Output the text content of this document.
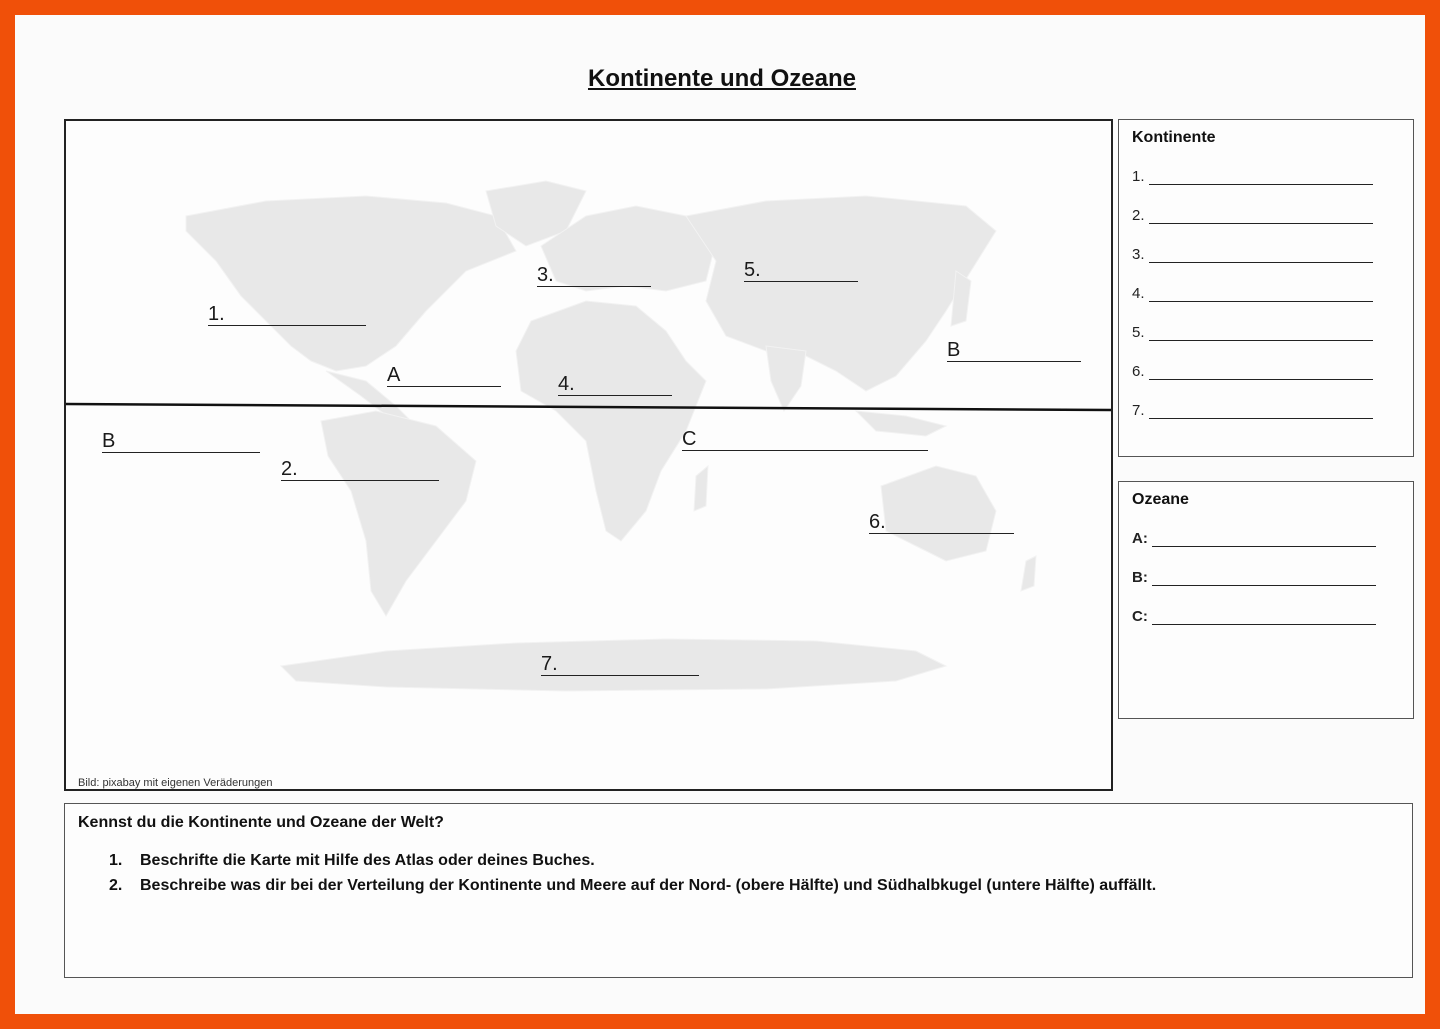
Kontinente und Ozeane
1.
2.
3.
4.
5.
6.
7.
A
B
B	C
Bild: pixabay mit eigenen Veräderungen
Kontinente
1.
2.
3.
4.
5.
6.
7.
Ozeane
A:
B:
C:
Kennst du die Kontinente und Ozeane der Welt?
1.	Beschrifte die Karte mit Hilfe des Atlas oder deines Buches.
2.	Beschreibe was dir bei der Verteilung der Kontinente und Meere auf der Nord- (obere Hälfte) und Südhalbkugel (untere Hälfte) auffällt.
